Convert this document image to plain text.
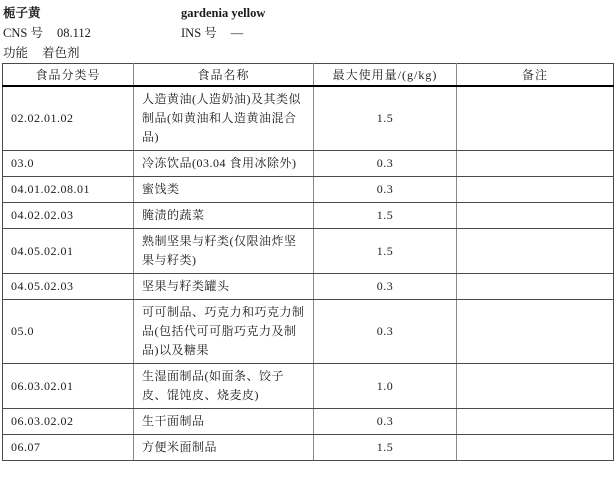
栀子黄	gardenia yellow
CNS 号 08.112	INS 号 —
功能 着色剂
食品分类号	食品名称	最大使用量/(g/kg)	备注
02.02.01.02	人造黄油(人造奶油)及其类似制品(如黄油和人造黄油混合品)	1.5	
03.0	冷冻饮品(03.04 食用冰除外)	0.3	
04.01.02.08.01	蜜饯类	0.3	
04.02.02.03	腌渍的蔬菜	1.5	
04.05.02.01	熟制坚果与籽类(仅限油炸坚果与籽类)	1.5	
04.05.02.03	坚果与籽类罐头	0.3	
05.0	可可制品、巧克力和巧克力制品(包括代可可脂巧克力及制品)以及糖果	0.3	
06.03.02.01	生湿面制品(如面条、饺子皮、馄饨皮、烧麦皮)	1.0	
06.03.02.02	生干面制品	0.3	
06.07	方便米面制品	1.5	
